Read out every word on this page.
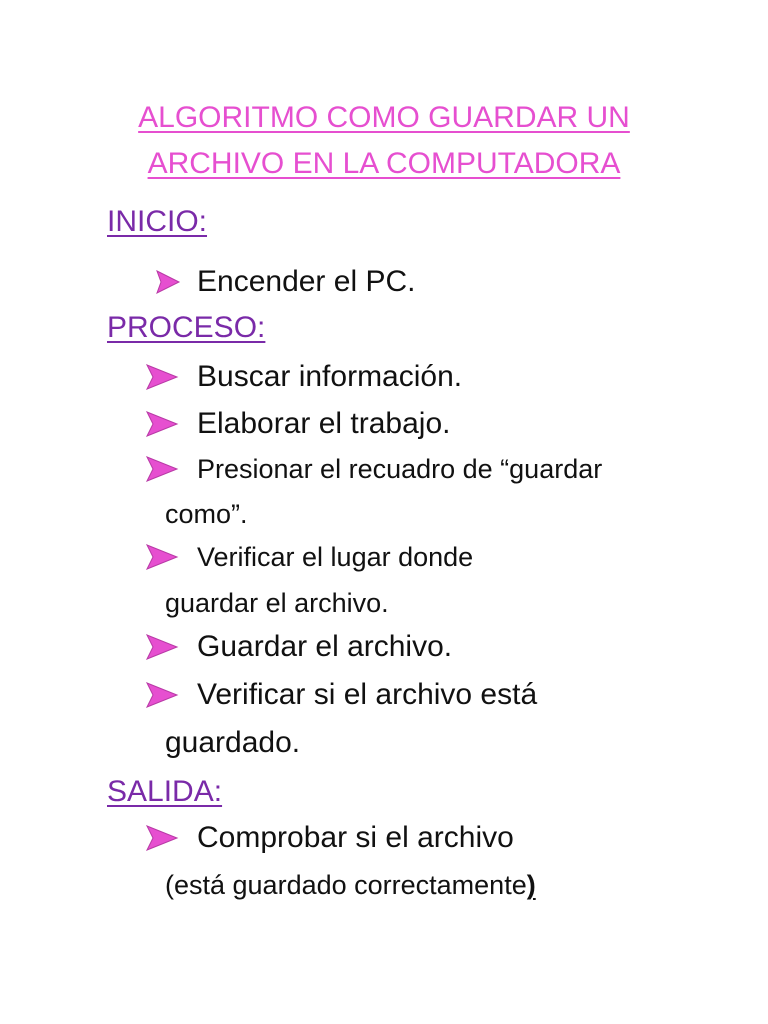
ALGORITMO COMO GUARDAR UN
ARCHIVO EN LA COMPUTADORA
INICIO:
Encender el PC.
PROCESO:
Buscar información.
Elaborar el trabajo.
Presionar el recuadro de “guardar
como”.
Verificar el lugar donde
guardar el archivo.
Guardar el archivo.
Verificar si el archivo está
guardado.
SALIDA:
Comprobar si el archivo
(está guardado correctamente)
